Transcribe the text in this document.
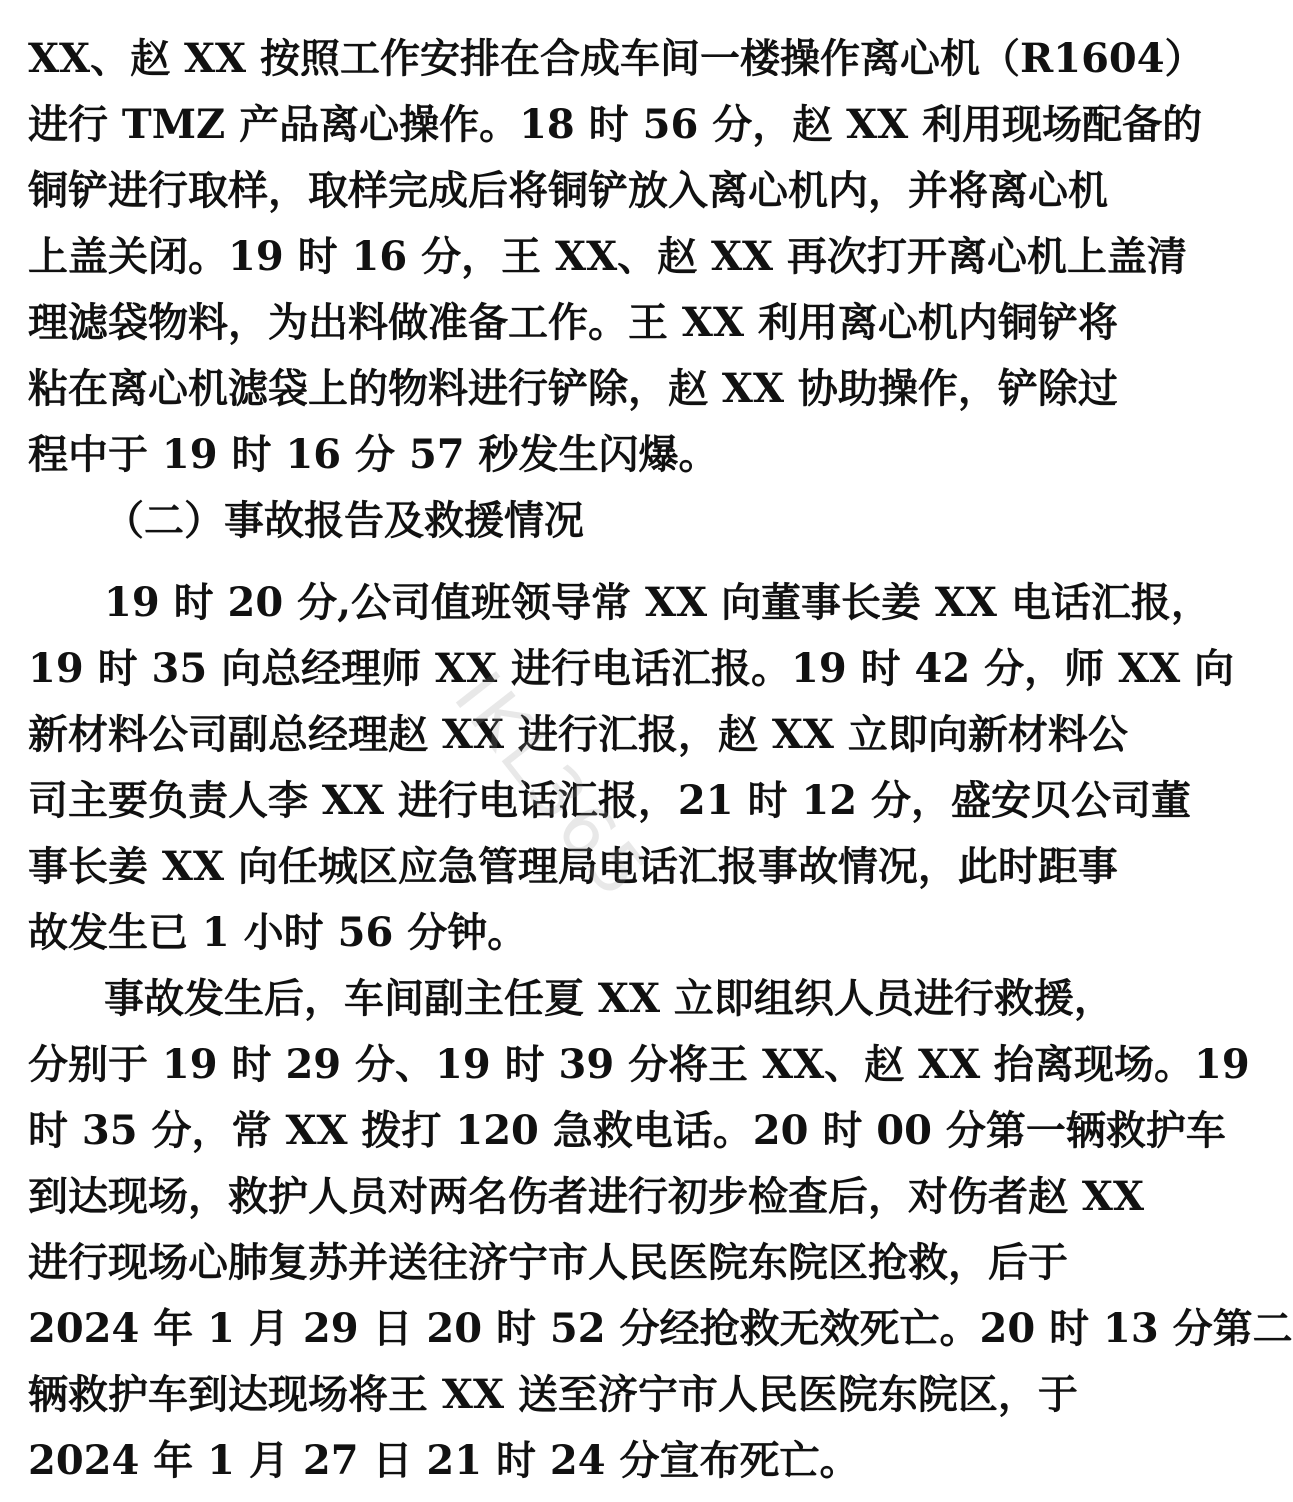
XX、赵 XX 按照工作安排在合成车间一楼操作离心机（R1604）
进行 TMZ 产品离心操作。18 时 56 分，赵 XX 利用现场配备的
铜铲进行取样，取样完成后将铜铲放入离心机内，并将离心机
上盖关闭。19 时 16 分，王 XX、赵 XX 再次打开离心机上盖清
理滤袋物料，为出料做准备工作。王 XX 利用离心机内铜铲将
粘在离心机滤袋上的物料进行铲除，赵 XX 协助操作，铲除过
程中于 19 时 16 分 57 秒发生闪爆。
（二）事故报告及救援情况
19 时 20 分,公司值班领导常 XX 向董事长姜 XX 电话汇报，
19 时 35 向总经理师 XX 进行电话汇报。19 时 42 分，师 XX 向
新材料公司副总经理赵 XX 进行汇报，赵 XX 立即向新材料公
司主要负责人李 XX 进行电话汇报，21 时 12 分，盛安贝公司董
事长姜 XX 向任城区应急管理局电话汇报事故情况，此时距事
故发生已 1 小时 56 分钟。
事故发生后，车间副主任夏 XX 立即组织人员进行救援，
分别于 19 时 29 分、19 时 39 分将王 XX、赵 XX 抬离现场。19
时 35 分，常 XX 拨打 120 急救电话。20 时 00 分第一辆救护车
到达现场，救护人员对两名伤者进行初步检查后，对伤者赵 XX
进行现场心肺复苏并送往济宁市人民医院东院区抢救，后于
2024 年 1 月 29 日 20 时 52 分经抢救无效死亡。20 时 13 分第二
辆救护车到达现场将王 XX 送至济宁市人民医院东院区，于
2024 年 1 月 27 日 21 时 24 分宣布死亡。
IKL365
